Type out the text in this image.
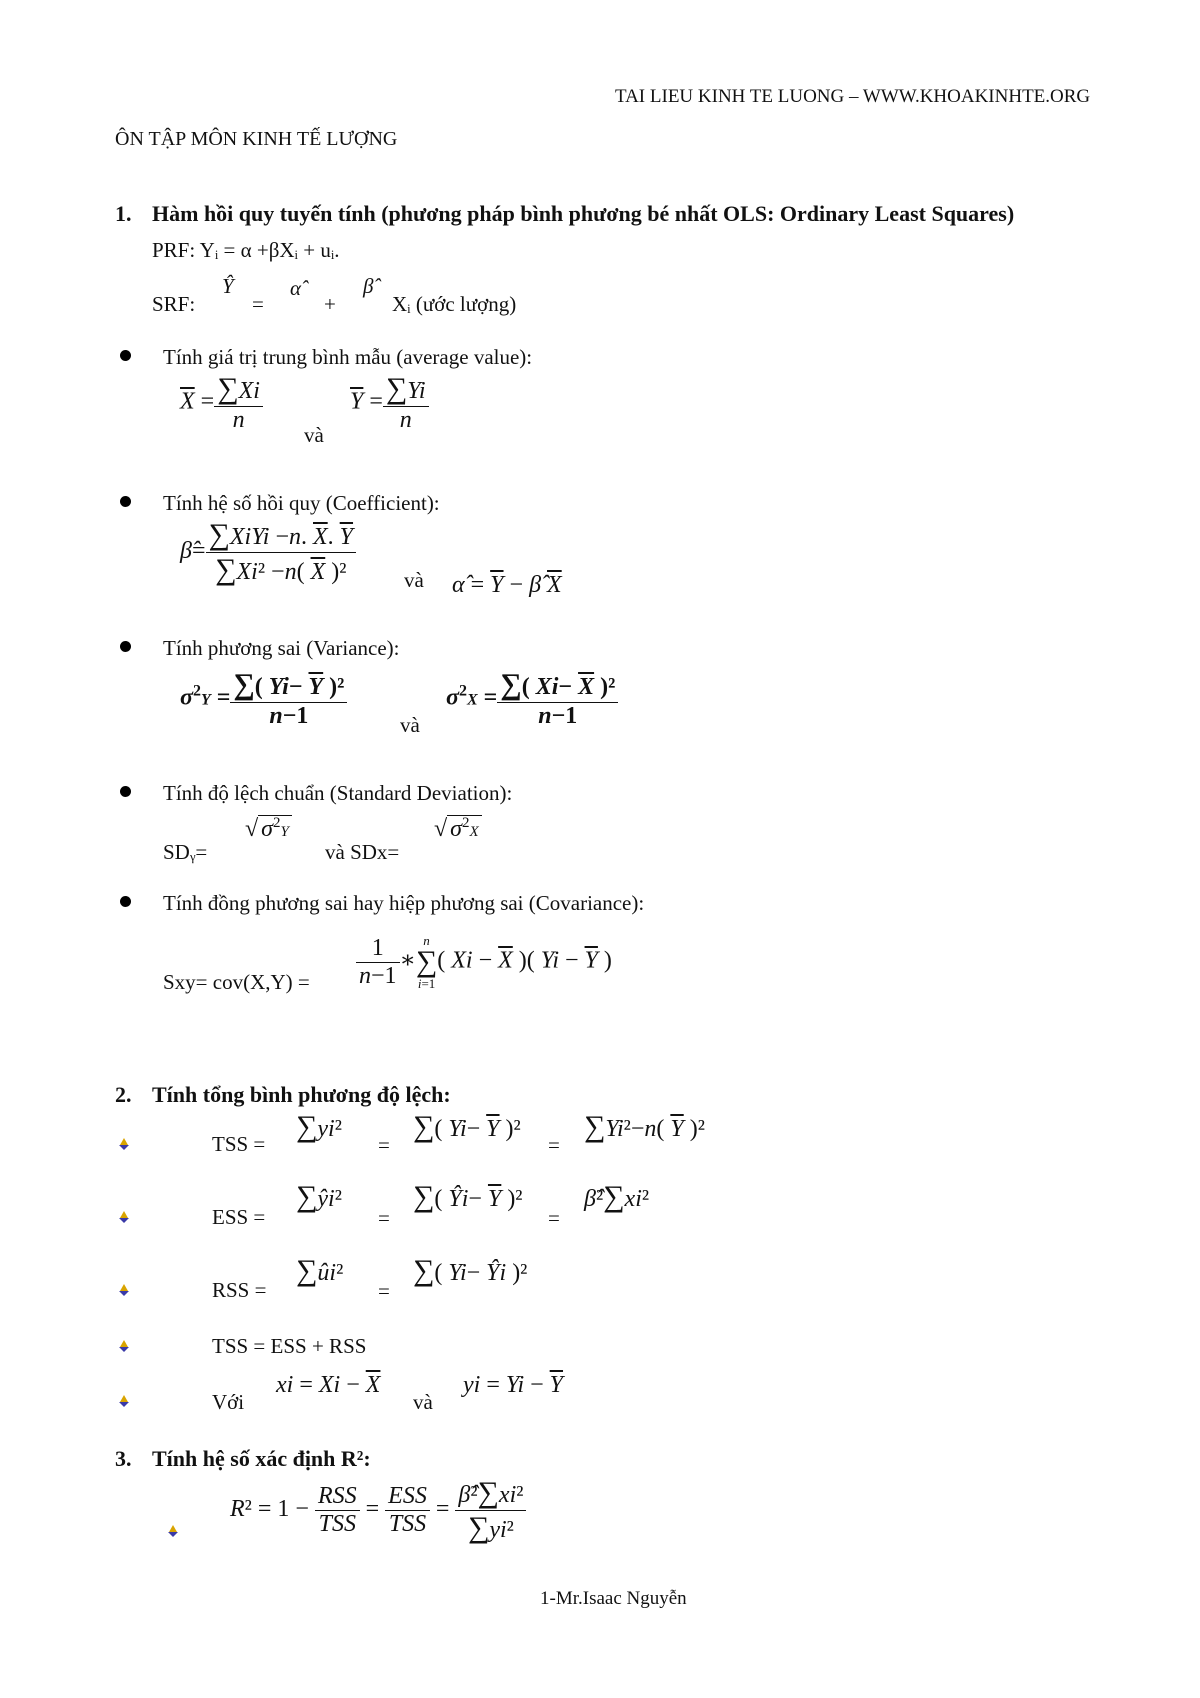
TAI LIEU KINH TE LUONG – WWW.KHOAKINHTE.ORG
ÔN TẬP MÔN KINH TẾ LƯỢNG
1. Hàm hồi quy tuyến tính (phương pháp bình phương bé nhất OLS: Ordinary Least Squares)
PRF: Yᵢ = α +βXᵢ + uᵢ.
SRF:
Ŷ
=
α̂
+
β̂
Xᵢ (ước lượng)
Tính giá trị trung bình mẫu (average value):
$\overline{X} = \frac{\sum Xi}{n}$
và
$\overline{Y} = \frac{\sum Yi}{n}$
Tính hệ số hồi quy (Coefficient):
β̂= $\frac{\sum XiYi -n. \overline{X}. \overline{Y}}{\sum Xi^2 -n( \overline{X} )^2}$ và α̂ = $\overline{Y}$ − β̂ $\overline{X}$
Tính phương sai (Variance):
$\sigma^2Y = \frac{\sum( Yi- \overline{Y} )^2}{n-1}$	và
$\sigma^2X = \frac{\sum( Xi- \overline{X} )^2}{n-1}$
Tính độ lệch chuẩn (Standard Deviation):
SDᵧ=
√ $\sigma^2Y$
và SDx=
√ $\sigma^2X$
Tính đồng phương sai hay hiệp phương sai (Covariance):
$Sxy= cov(X,Y) = \frac{1}{n-1}$ ∗
n
∑
i=1
( $Xi - \overline{X}$ )( $Yi - \overline{Y}$ )
2. Tính tổng bình phương độ lệch:
TSS =
∑yi²
=
∑( $Yi- \overline{Y}$ )²
=
∑Yi²−n( $\overline{Y}$ )²
ESS =
∑ŷi²
=
∑( Ŷi− $\overline{Y}$ )²
=
β̂²∑xi²
RSS =
∑ûi²
=
∑( Yi− Ŷi )²
TSS = ESS + RSS
Với
xi = $Xi - \overline{X}$
và
yi = $Yi - \overline{Y}$
3. Tính hệ số xác định R²:
$R^2 = 1 - \frac{\text{RSS}}{\text{TSS}} = \frac{\text{ESS}}{\text{TSS}} = \frac{\text{β̂²∑xi²}}{\text{∑yi²}}$
1-Mr.Isaac Nguyễn
